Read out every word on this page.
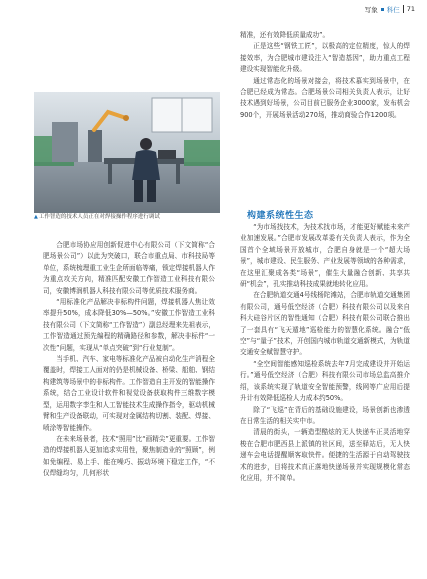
写象 科仨 71
▲工作智造的技术人员正在对焊接操作程序进行调试

合肥市场协应用创新促进中心有限公司（下文简称“合肥场景公司”）以此为突破口，联合市重点局、市科技局等单位，系统梳理重工业生企所面临等痛，锁定焊接机器人作为重点攻关方向，精准匹配安徽工作智造工业科技有限公司，安徽博润机器人科技有限公司等优质技术服务商。

“用标准化产品解决非标构件问题，焊接机器人焦让效率提升50%，成本降低30%—50%。”安徽工作智造工业科技有限公司（下文简称“工作智造”）副总经理来先祖表示，工作智造通过预先编程的精确路径和参数，解决非标件“一次性”问题，实现从“单点突破”到“行业复制”。

当手机、汽车、家电等标准化产品被自动化生产消程全覆盖时，焊接工人面对的仍是机械设备、桥梁、船舶、钢结构建筑等场景中的非标构件。工作智造自主开发的智能操作系统，结合工业设计软件和视觉设备获取构件三维数字模型，运用数字孪生和人工智能技术生成操作指令，驱动机械臂和生产设备联动，可实现对金属结构切割、装配、焊接、喷涂等智能操作。

在未来场景者，技术“照用”比“画精尖”更重要。工作智造的焊接机器人更加追求实用性，聚焦制造业的“照顾”，例如免编程、易上手、能在噪巧、振动环境下稳定工作，“不仅焊缝均匀，几何形状

精准，还有效降低质量成功”。

正是这些“钢铁工匠”，以极高的定位精度，惊人的焊接效率，为合肥城市建设注入“智造基因”，助力重点工程建设实现智能化升级。

通过常态化的场景对接会，将技术慕实到场景中，在合肥已经成为常态。合肥场景公司相关负责人表示，让好技术遇到好场景，公司目前已服务企业3000家，发布机会900个，开展场景活动270场，推动商验合作1200项。

构建系统性生态

“为市场找技术，为技术找市场，才能更好赋能未来产业加速发展。”合肥市发展改革委有关负责人表示，作为全国首个全域场景开放城市，合肥自身就是一个“超大场景”，城市建设、民生服务、产业发展等领域的各种需求，在这里汇聚成各类“场景”，催生大量融合创新、共享共研“机会”，孔实推动科技成果就地转化应用。

在合肥轨道交通4号线杨陀滩站，合肥市轨道交通集团有限公司，通号低空经济（合肥）科技有限公司以及来自科大硅谷片区的智性通知（合肥）科技有限公司联合推出了一套具有“飞天遁地”巡检能力的智慧化系统。融合“低空”与“量子”技术，开创国内城市轨道交通新模式，为轨道交通安全赋智慧守护。

“全空间智能感知巡检系统去年7月完成建设并开始运行。”通号低空经济（合肥）科技有限公司市场总监高推介绍，该系统实现了轨道安全智能预警，线网等广应用后提升计有效降低巡检人力成本约50%。

除了“飞巡”在背后的基础设施建设，场景创新也渗透在日常生活的相关实中市。

清晨的街头，一辆造型酷炫的无人快递车正灵活地穿梭在合肥市肥西县上派镇的社区间，送至驿站后，无人快递车会电话提醒顺客取快件。便捷的生活源于自动驾驶技术的进步，目将技术真正落地快递场景并实现规模化常态化应用，并不简单。
